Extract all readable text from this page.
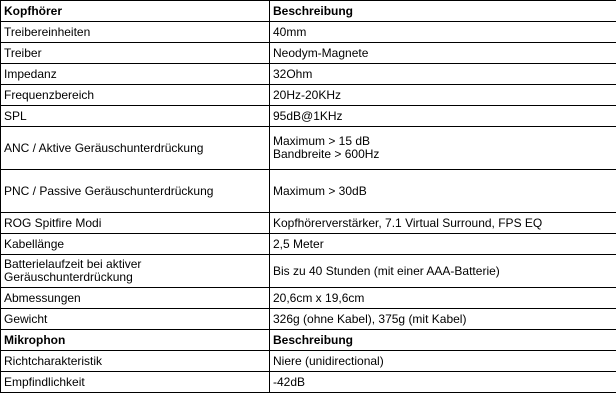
Kopfhörer	Beschreibung

Treibereinheiten	40mm

Treiber	Neodym-Magnete

Impedanz	32Ohm

Frequenzbereich	20Hz-20KHz

SPL	95dB@1KHz

ANC / Aktive Geräuschunterdrückung	Maximum > 15 dB
Bandbreite > 600Hz

PNC / Passive Geräuschunterdrückung	Maximum > 30dB

ROG Spitfire Modi	Kopfhörerverstärker, 7.1 Virtual Surround, FPS EQ

Kabellänge	2,5 Meter

Batterielaufzeit bei aktiver Geräuschunterdrückung	Bis zu 40 Stunden (mit einer AAA-Batterie)

Abmessungen	20,6cm x 19,6cm

Gewicht	326g (ohne Kabel), 375g (mit Kabel)

Mikrophon	Beschreibung

Richtcharakteristik	Niere (unidirectional)

Empfindlichkeit	-42dB
